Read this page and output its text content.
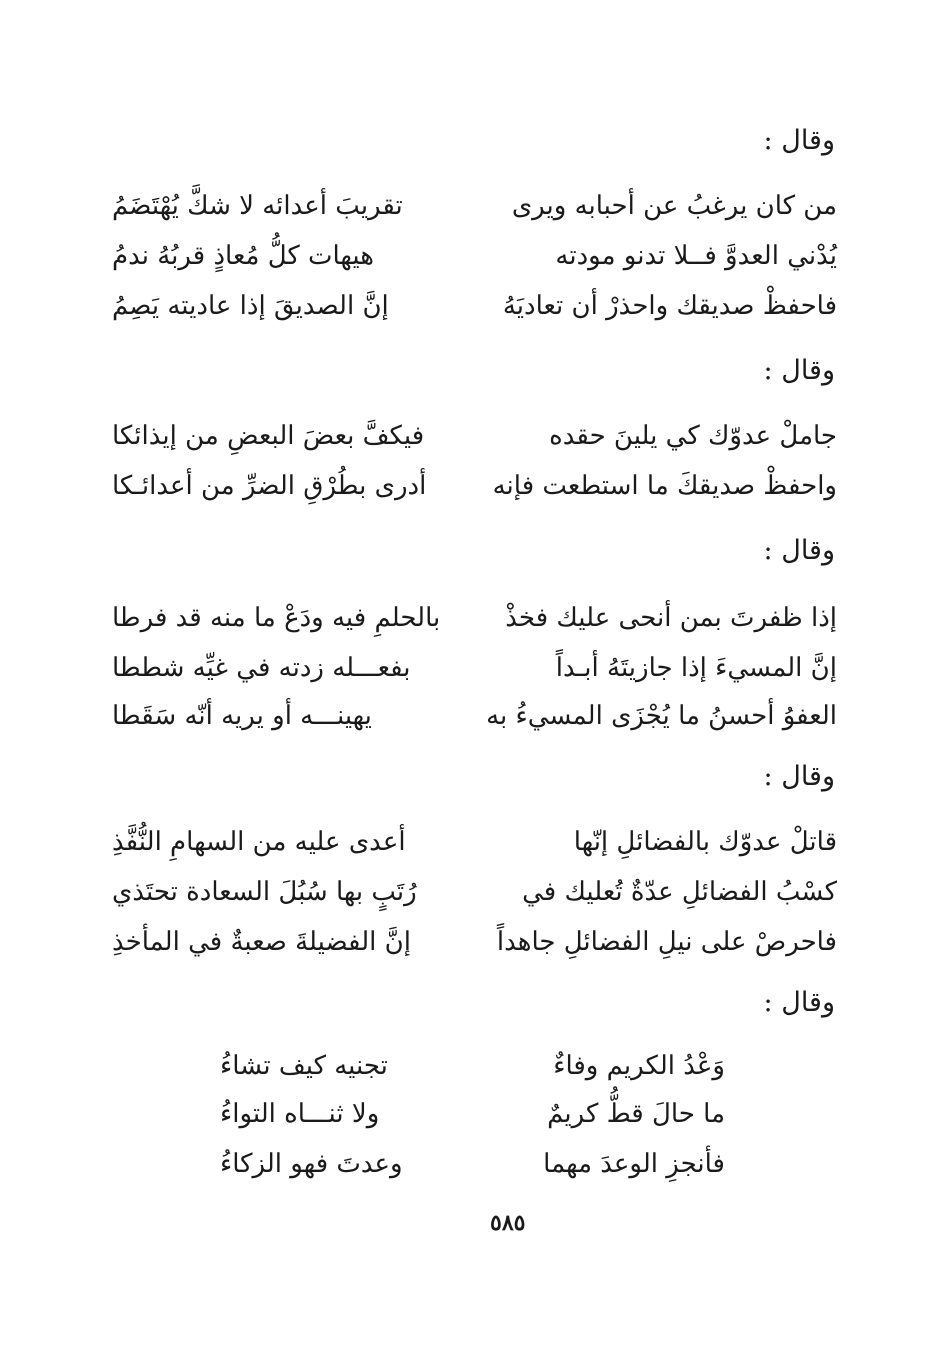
وقال :
من كان يرغبُ عن أحبابه ويرى
تقريبَ أعدائه لا شكَّ يُهْتَضَمُ
يُدْني العدوَّ فــلا تدنو مودته
هيهات كلُّ مُعاذٍ قربُهُ ندمُ
فاحفظْ صديقك واحذرْ أن تعاديَهُ
إنَّ الصديقَ إذا عاديته يَصِمُ
وقال :
جاملْ عدوّك كي يلينَ حقده
فيكفَّ بعضَ البعضِ من إيذائكا
واحفظْ صديقكَ ما استطعت فإنه
أدرى بطُرْقِ الضرِّ من أعدائـكا
وقال :
إذا ظفرتَ بمن أنحى عليك فخذْ
بالحلمِ فيه ودَعْ ما منه قد فرطا
إنَّ المسيءَ إذا جازيتَهُ أبـداً
بفعـــله زدته في غيِّه شططا
العفوُ أحسنُ ما يُجْزَى المسيءُ به
يهينـــه أو يريه أنّه سَقَطا
وقال :
قاتلْ عدوّك بالفضائلِ إنّها
أعدى عليه من السهامِ النُّفَّذِ
كسْبُ الفضائلِ عدّةٌ تُعليك في
رُتَبٍ بها سُبُلَ السعادة تحتَذي
فاحرصْ على نيلِ الفضائلِ جاهداً
إنَّ الفضيلةَ صعبةٌ في المأخذِ
وقال :
وَعْدُ الكريم وفاءٌ
تجنيه كيف تشاءُ
ما حالَ قطُّ كريمٌ
ولا ثنـــاه التواءُ
فأنجزِ الوعدَ مهما
وعدتَ فهو الزكاءُ
٥٨٥
